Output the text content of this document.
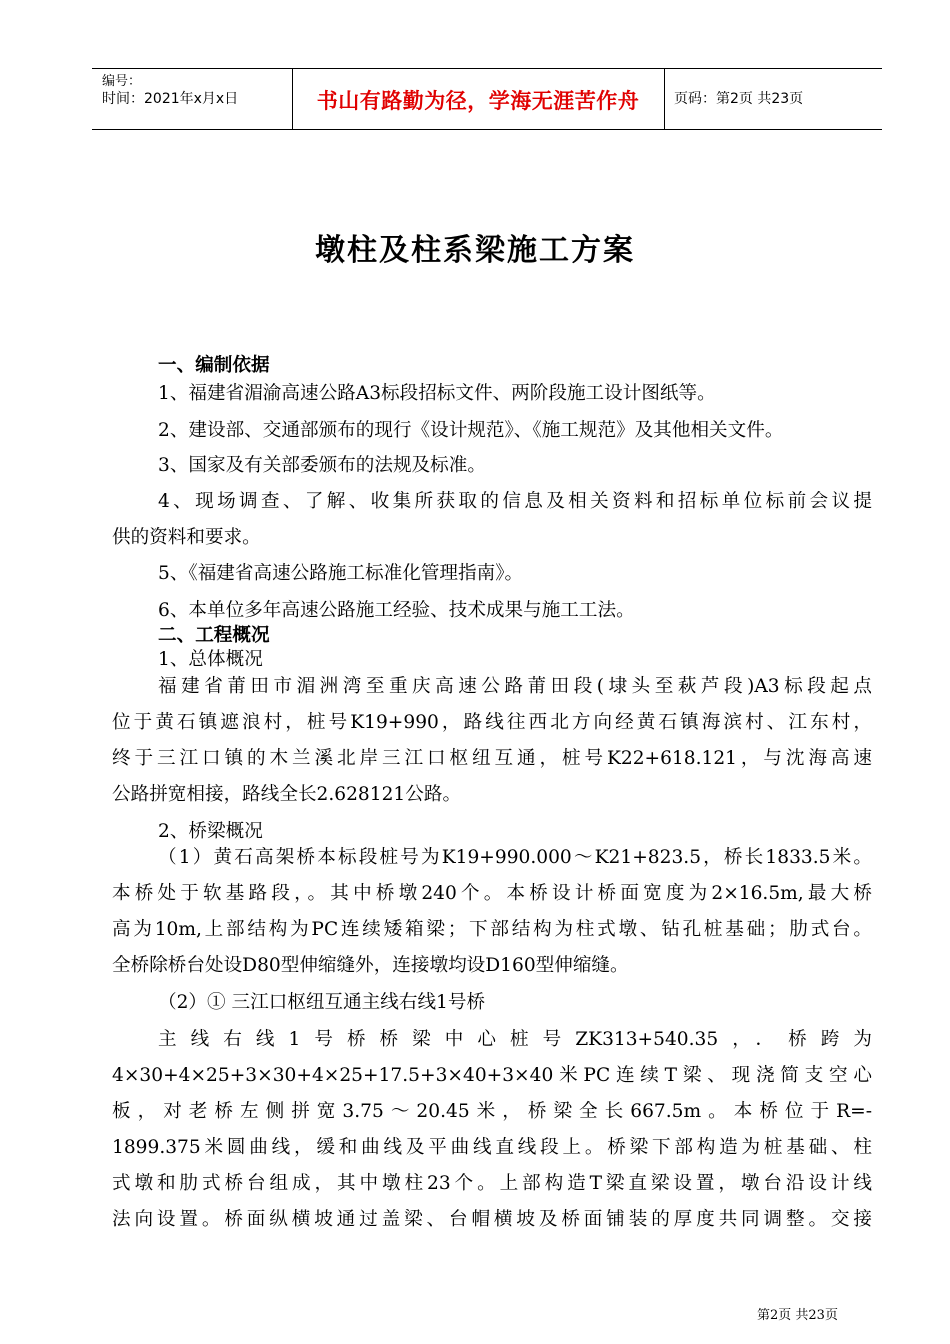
编号：
时间：2021年x月x日	书山有路勤为径，学海无涯苦作舟	页码：第2页 共23页
墩柱及柱系梁施工方案
一、编制依据
1、福建省湄渝高速公路A3标段招标文件、两阶段施工设计图纸等。
2、建设部、交通部颁布的现行《设计规范》、《施工规范》及其他相关文件。
3、国家及有关部委颁布的法规及标准。
4、现场调查、了解、收集所获取的信息及相关资料和招标单位标前会议提
供的资料和要求。
5、《福建省高速公路施工标准化管理指南》。
6、本单位多年高速公路施工经验、技术成果与施工工法。
二、工程概况
1、总体概况
福建省莆田市湄洲湾至重庆高速公路莆田段(埭头至萩芦段)A3标段起点
位于黄石镇遮浪村，桩号K19+990，路线往西北方向经黄石镇海滨村、江东村，
终于三江口镇的木兰溪北岸三江口枢纽互通，桩号K22+618.121，与沈海高速
公路拼宽相接，路线全长2.628121公路。
2、桥梁概况
（1）黄石高架桥本标段桩号为K19+990.000～K21+823.5，桥长1833.5米。
本桥处于软基路段，。其中桥墩240个。本桥设计桥面宽度为2×16.5m,最大桥
高为10m,上部结构为PC连续矮箱梁；下部结构为柱式墩、钻孔桩基础；肋式台。
全桥除桥台处设D80型伸缩缝外，连接墩均设D160型伸缩缝。
（2）① 三江口枢纽互通主线右线1号桥
主线右线1号桥桥梁中心桩号ZK313+540.35，．桥跨为
4×30+4×25+3×30+4×25+17.5+3×40+3×40米PC连续T梁、现浇简支空心
板，对老桥左侧拼宽3.75～20.45米，桥梁全长667.5m。本桥位于R=-
1899.375米圆曲线，缓和曲线及平曲线直线段上。桥梁下部构造为桩基础、柱
式墩和肋式桥台组成，其中墩柱23个。上部构造T梁直梁设置，墩台沿设计线
法向设置。桥面纵横坡通过盖梁、台帽横坡及桥面铺装的厚度共同调整。交接
第2页 共23页
